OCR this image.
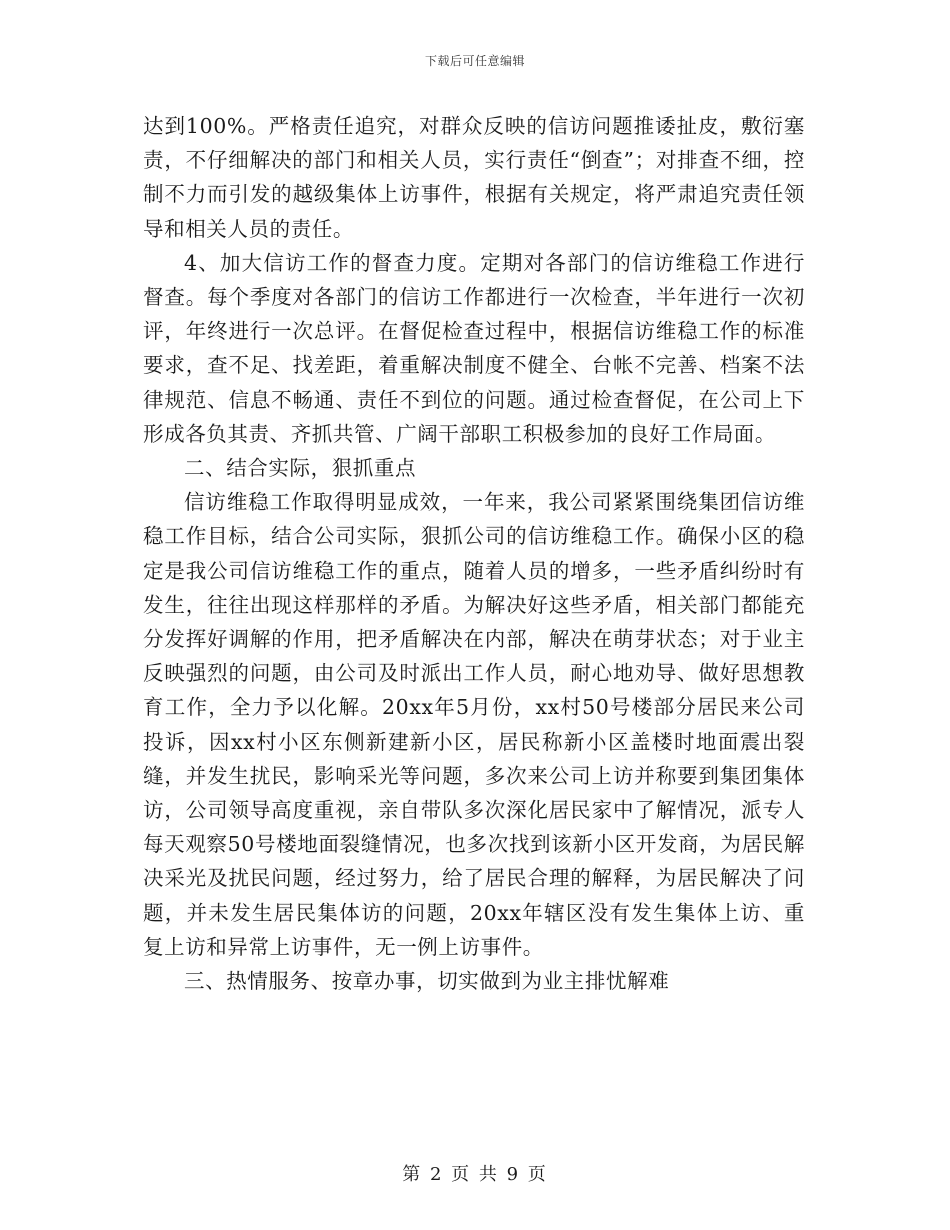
下载后可任意编辑

达到100%。严格责任追究，对群众反映的信访问题推诿扯皮，敷衍塞责，不仔细解决的部门和相关人员，实行责任“倒查”；对排查不细，控制不力而引发的越级集体上访事件，根据有关规定，将严肃追究责任领导和相关人员的责任。

4、加大信访工作的督查力度。定期对各部门的信访维稳工作进行督查。每个季度对各部门的信访工作都进行一次检查，半年进行一次初评，年终进行一次总评。在督促检查过程中，根据信访维稳工作的标准要求，查不足、找差距，着重解决制度不健全、台帐不完善、档案不法律规范、信息不畅通、责任不到位的问题。通过检查督促，在公司上下形成各负其责、齐抓共管、广阔干部职工积极参加的良好工作局面。

二、结合实际，狠抓重点

信访维稳工作取得明显成效，一年来，我公司紧紧围绕集团信访维稳工作目标，结合公司实际，狠抓公司的信访维稳工作。确保小区的稳定是我公司信访维稳工作的重点，随着人员的增多，一些矛盾纠纷时有发生，往往出现这样那样的矛盾。为解决好这些矛盾，相关部门都能充分发挥好调解的作用，把矛盾解决在内部，解决在萌芽状态；对于业主反映强烈的问题，由公司及时派出工作人员，耐心地劝导、做好思想教育工作，全力予以化解。20xx年5月份，xx村50号楼部分居民来公司投诉，因xx村小区东侧新建新小区，居民称新小区盖楼时地面震出裂缝，并发生扰民，影响采光等问题，多次来公司上访并称要到集团集体访，公司领导高度重视，亲自带队多次深化居民家中了解情况，派专人每天观察50号楼地面裂缝情况，也多次找到该新小区开发商，为居民解决采光及扰民问题，经过努力，给了居民合理的解释，为居民解决了问题，并未发生居民集体访的问题，20xx年辖区没有发生集体上访、重复上访和异常上访事件，无一例上访事件。

三、热情服务、按章办事，切实做到为业主排忧解难

第 2 页 共 9 页
